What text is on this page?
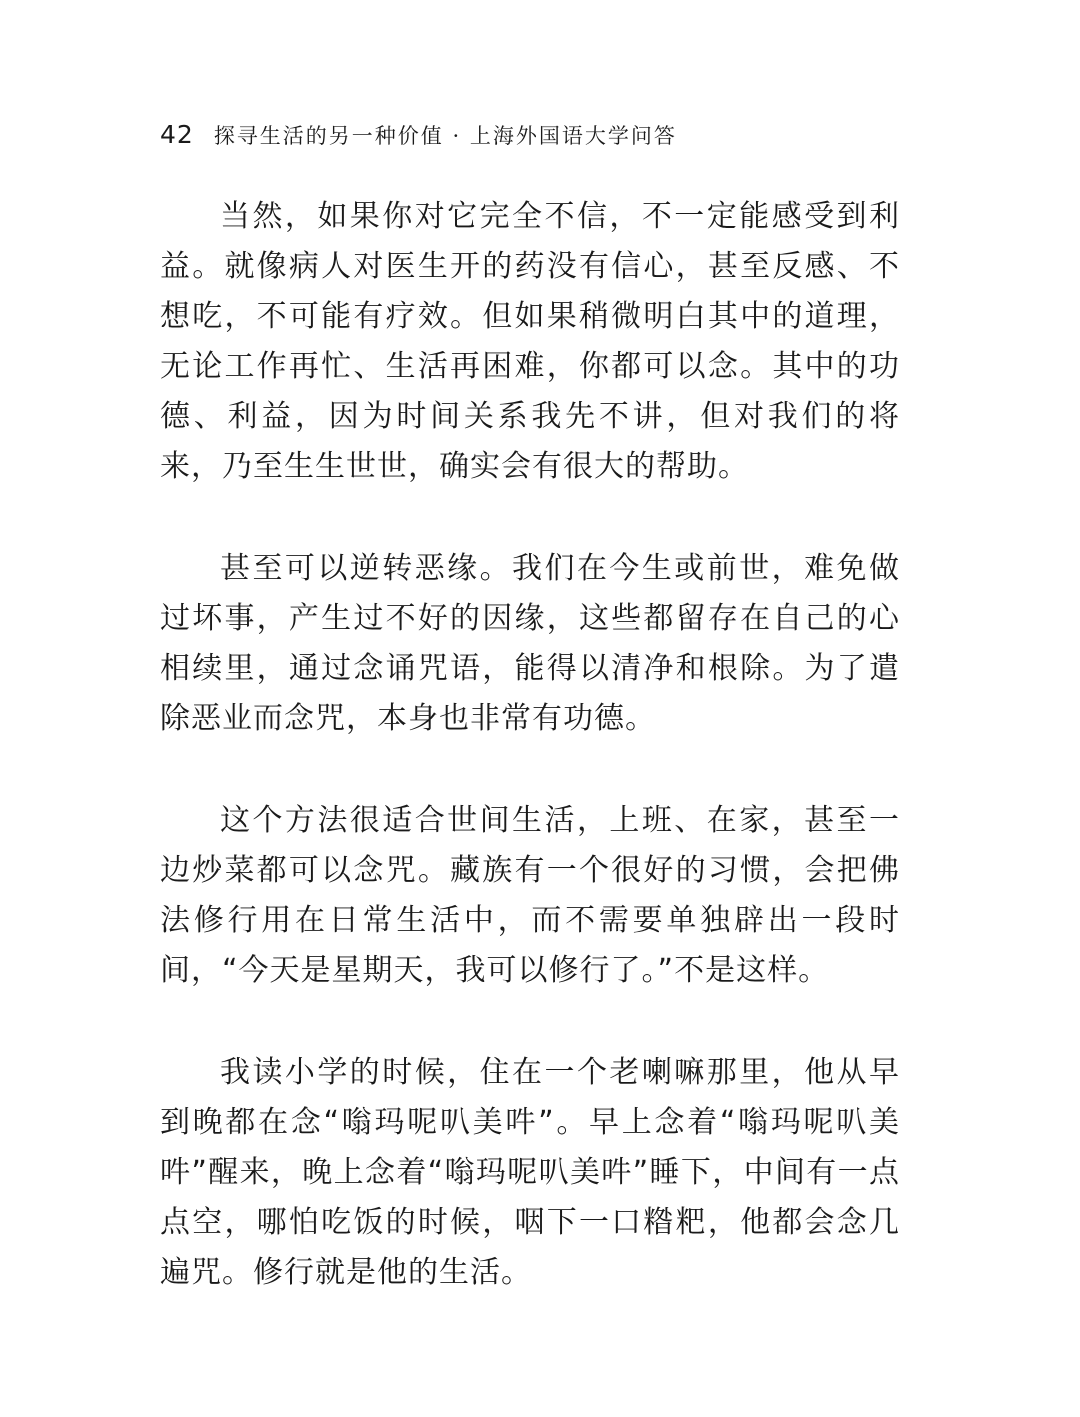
42 探寻生活的另一种价值 · 上海外国语大学问答

当然，如果你对它完全不信，不一定能感受到利益。就像病人对医生开的药没有信心，甚至反感、不想吃，不可能有疗效。但如果稍微明白其中的道理，无论工作再忙、生活再困难，你都可以念。其中的功德、利益，因为时间关系我先不讲，但对我们的将来，乃至生生世世，确实会有很大的帮助。

甚至可以逆转恶缘。我们在今生或前世，难免做过坏事，产生过不好的因缘，这些都留存在自己的心相续里，通过念诵咒语，能得以清净和根除。为了遣除恶业而念咒，本身也非常有功德。

这个方法很适合世间生活，上班、在家，甚至一边炒菜都可以念咒。藏族有一个很好的习惯，会把佛法修行用在日常生活中，而不需要单独辟出一段时间，“今天是星期天，我可以修行了。”不是这样。

我读小学的时候，住在一个老喇嘛那里，他从早到晚都在念“嗡玛呢叭美吽”。早上念着“嗡玛呢叭美吽”醒来，晚上念着“嗡玛呢叭美吽”睡下，中间有一点点空，哪怕吃饭的时候，咽下一口糌粑，他都会念几遍咒。修行就是他的生活。
